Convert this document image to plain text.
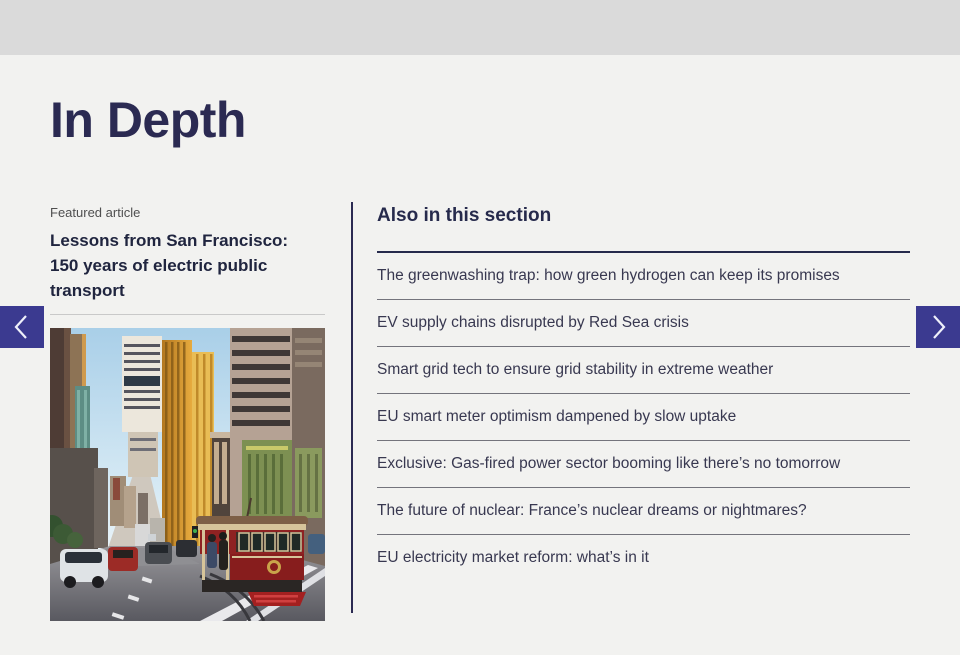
In Depth

Featured article

Lessons from San Francisco: 150 years of electric public transport
Also in this section
The greenwashing trap: how green hydrogen can keep its promises
EV supply chains disrupted by Red Sea crisis
Smart grid tech to ensure grid stability in extreme weather
EU smart meter optimism dampened by slow uptake
Exclusive: Gas-fired power sector booming like there’s no tomorrow
The future of nuclear: France’s nuclear dreams or nightmares?
EU electricity market reform: what’s in it
